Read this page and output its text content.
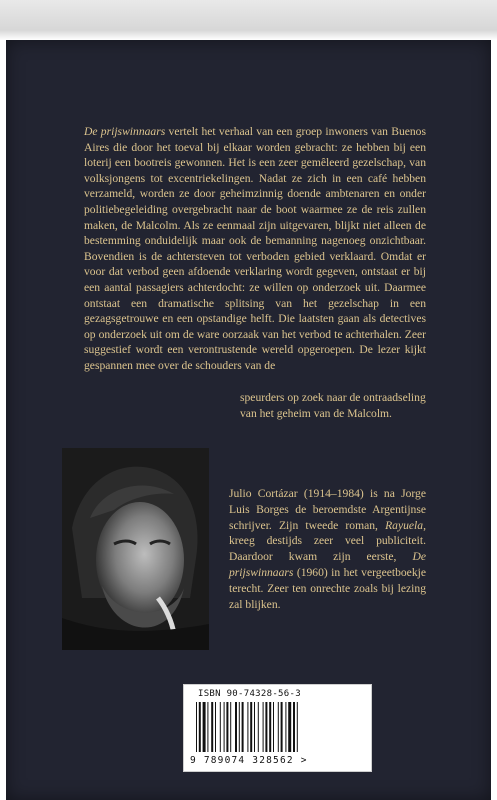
De prijswinnaars vertelt het verhaal van een groep inwoners van Buenos Aires die door het toeval bij elkaar worden gebracht: ze hebben bij een loterij een bootreis gewonnen. Het is een zeer gemêleerd gezelschap, van volksjongens tot excentriekelingen. Nadat ze zich in een café hebben verzameld, worden ze door geheimzinnig doende ambtenaren en onder politiebegeleiding overgebracht naar de boot waarmee ze de reis zullen maken, de Malcolm. Als ze eenmaal zijn uitgevaren, blijkt niet alleen de bestemming onduidelijk maar ook de bemanning nagenoeg onzichtbaar. Bovendien is de achtersteven tot verboden gebied verklaard. Omdat er voor dat verbod geen afdoende verklaring wordt gegeven, ontstaat er bij een aantal passagiers achterdocht: ze willen op onderzoek uit. Daarmee ontstaat een dramatische splitsing van het gezelschap in een gezagsgetrouwe en een opstandige helft. Die laatsten gaan als detectives op onderzoek uit om de ware oorzaak van het verbod te achterhalen. Zeer suggestief wordt een verontrustende wereld opgeroepen. De lezer kijkt gespannen mee over de schouders van de

speurders op zoek naar de ontraadseling van het geheim van de Malcolm.

Julio Cortázar (1914–1984) is na Jorge Luis Borges de beroemdste Argentijnse schrijver. Zijn tweede roman, Rayuela, kreeg destijds zeer veel publiciteit. Daardoor kwam zijn eerste, De prijswinnaars (1960) in het vergeetboekje terecht. Zeer ten onrechte zoals bij lezing zal blijken.

ISBN 90-74328-56-3
9 789074 328562 >
